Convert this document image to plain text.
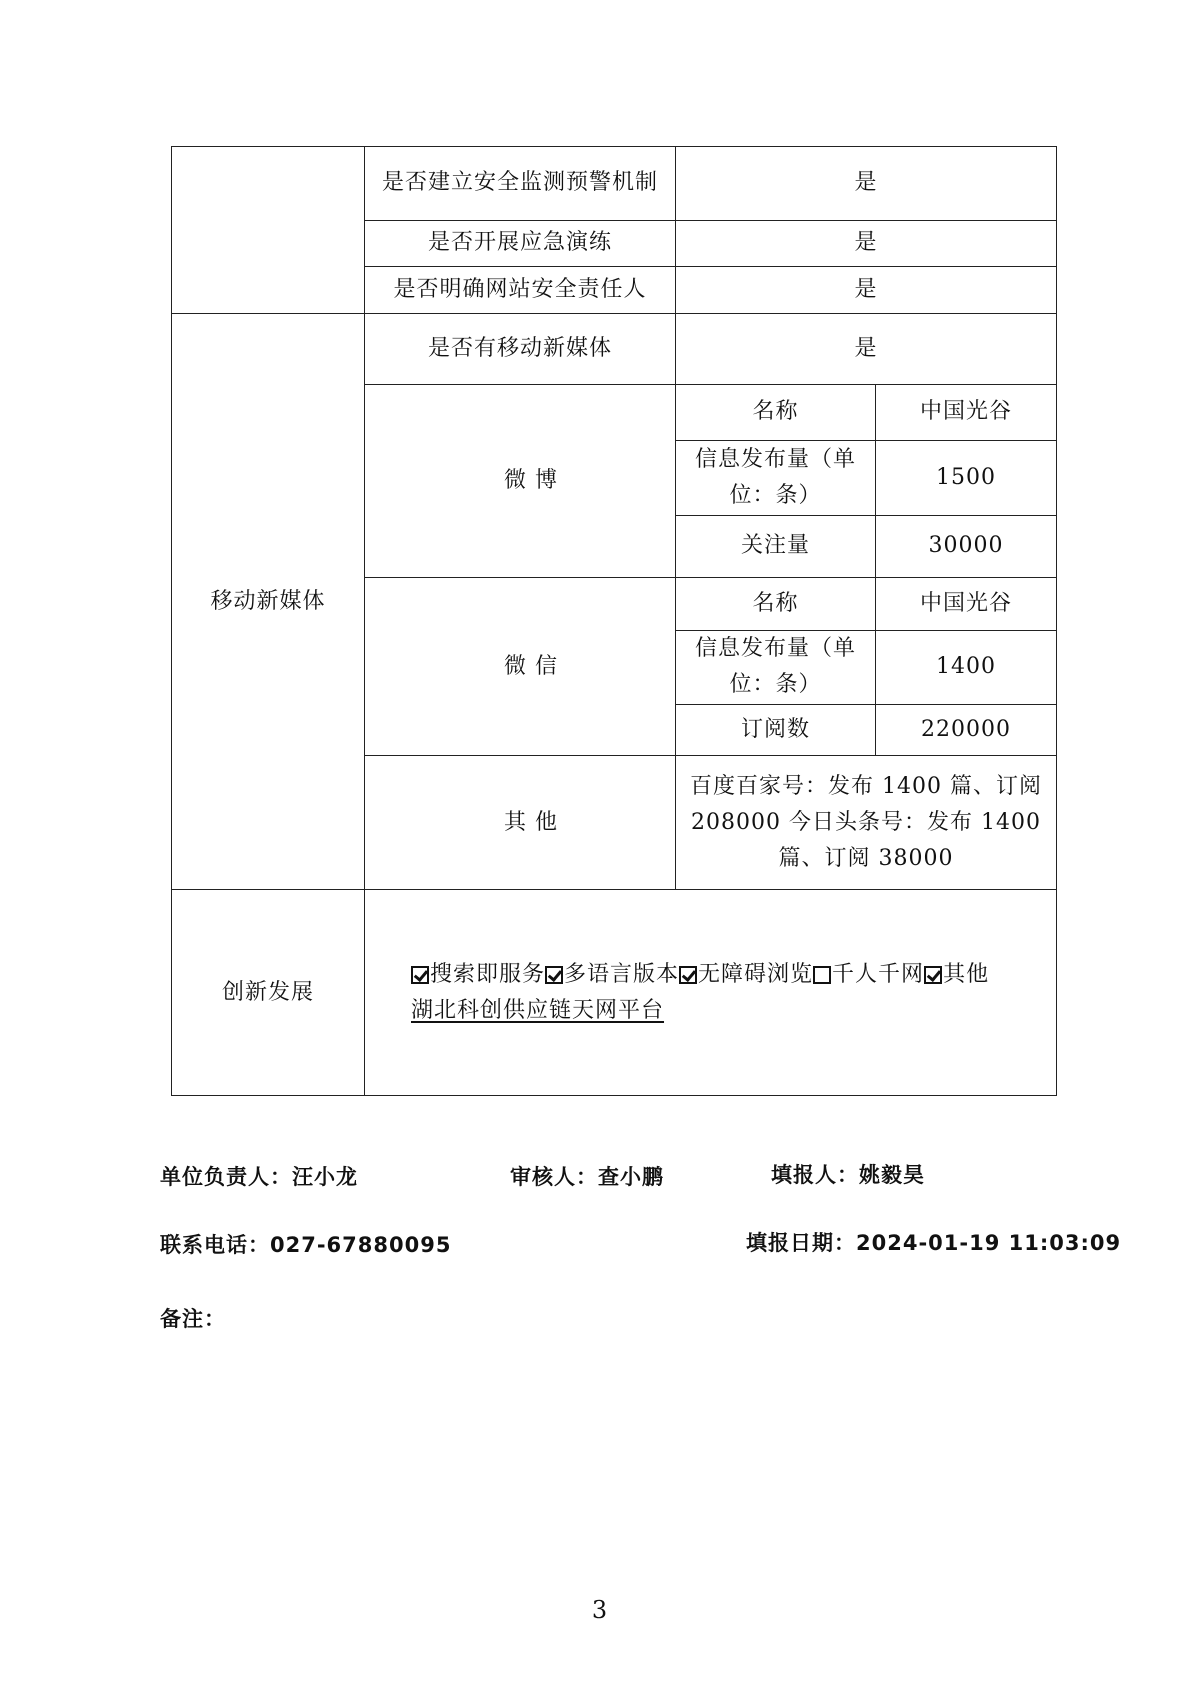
	是否建立安全监测预警机制	是	
	是否开展应急演练	是	
	是否明确网站安全责任人	是	
移动新媒体	是否有移动新媒体	是	
	微 博	名称	中国光谷
		信息发布量（单位：条）	1500
		关注量	30000
	微 信	名称	中国光谷
		信息发布量（单位：条）	1400
		订阅数	220000
	其 他	百度百家号：发布 1400 篇、订阅 208000 今日头条号：发布 1400 篇、订阅 38000	
创新发展	搜索即服务 多语言版本 无障碍浏览 千人千网 其他
湖北科创供应链天网平台		
单位负责人：汪小龙	审核人：查小鹏	填报人：姚毅昊
联系电话：027-67880095	填报日期：2024-01-19 11:03:09
备注：
3
